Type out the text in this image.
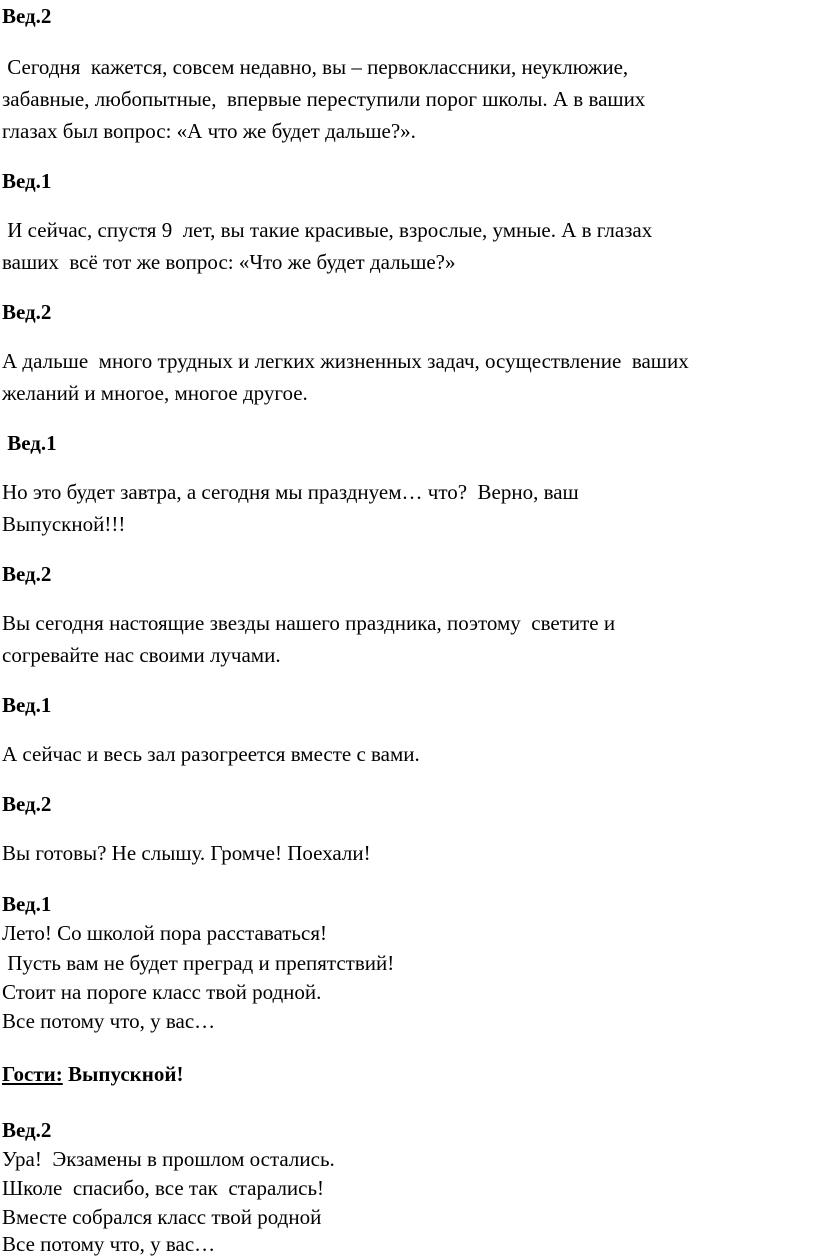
Вед.2
Сегодня  кажется, совсем недавно, вы – первоклассники, неуклюжие,
забавные, любопытные,  впервые переступили порог школы. А в ваших
глазах был вопрос: «А что же будет дальше?».
Вед.1
И сейчас, спустя 9  лет, вы такие красивые, взрослые, умные. А в глазах
ваших  всё тот же вопрос: «Что же будет дальше?»
Вед.2
А дальше  много трудных и легких жизненных задач, осуществление  ваших
желаний и многое, многое другое.
Вед.1
Но это будет завтра, а сегодня мы празднуем… что?  Верно, ваш
Выпускной!!!
Вед.2
Вы сегодня настоящие звезды нашего праздника, поэтому  светите и
согревайте нас своими лучами.
Вед.1
А сейчас и весь зал разогреется вместе с вами.
Вед.2
Вы готовы? Не слышу. Громче! Поехали!
Вед.1
Лето! Со школой пора расставаться!
Пусть вам не будет преград и препятствий!
Стоит на пороге класс твой родной.
Все потому что, у вас…
Гости: Выпускной!
Вед.2
Ура!  Экзамены в прошлом остались.
Школе  спасибо, все так  старались!
Вместе собрался класс твой родной
Все потому что, у вас…
